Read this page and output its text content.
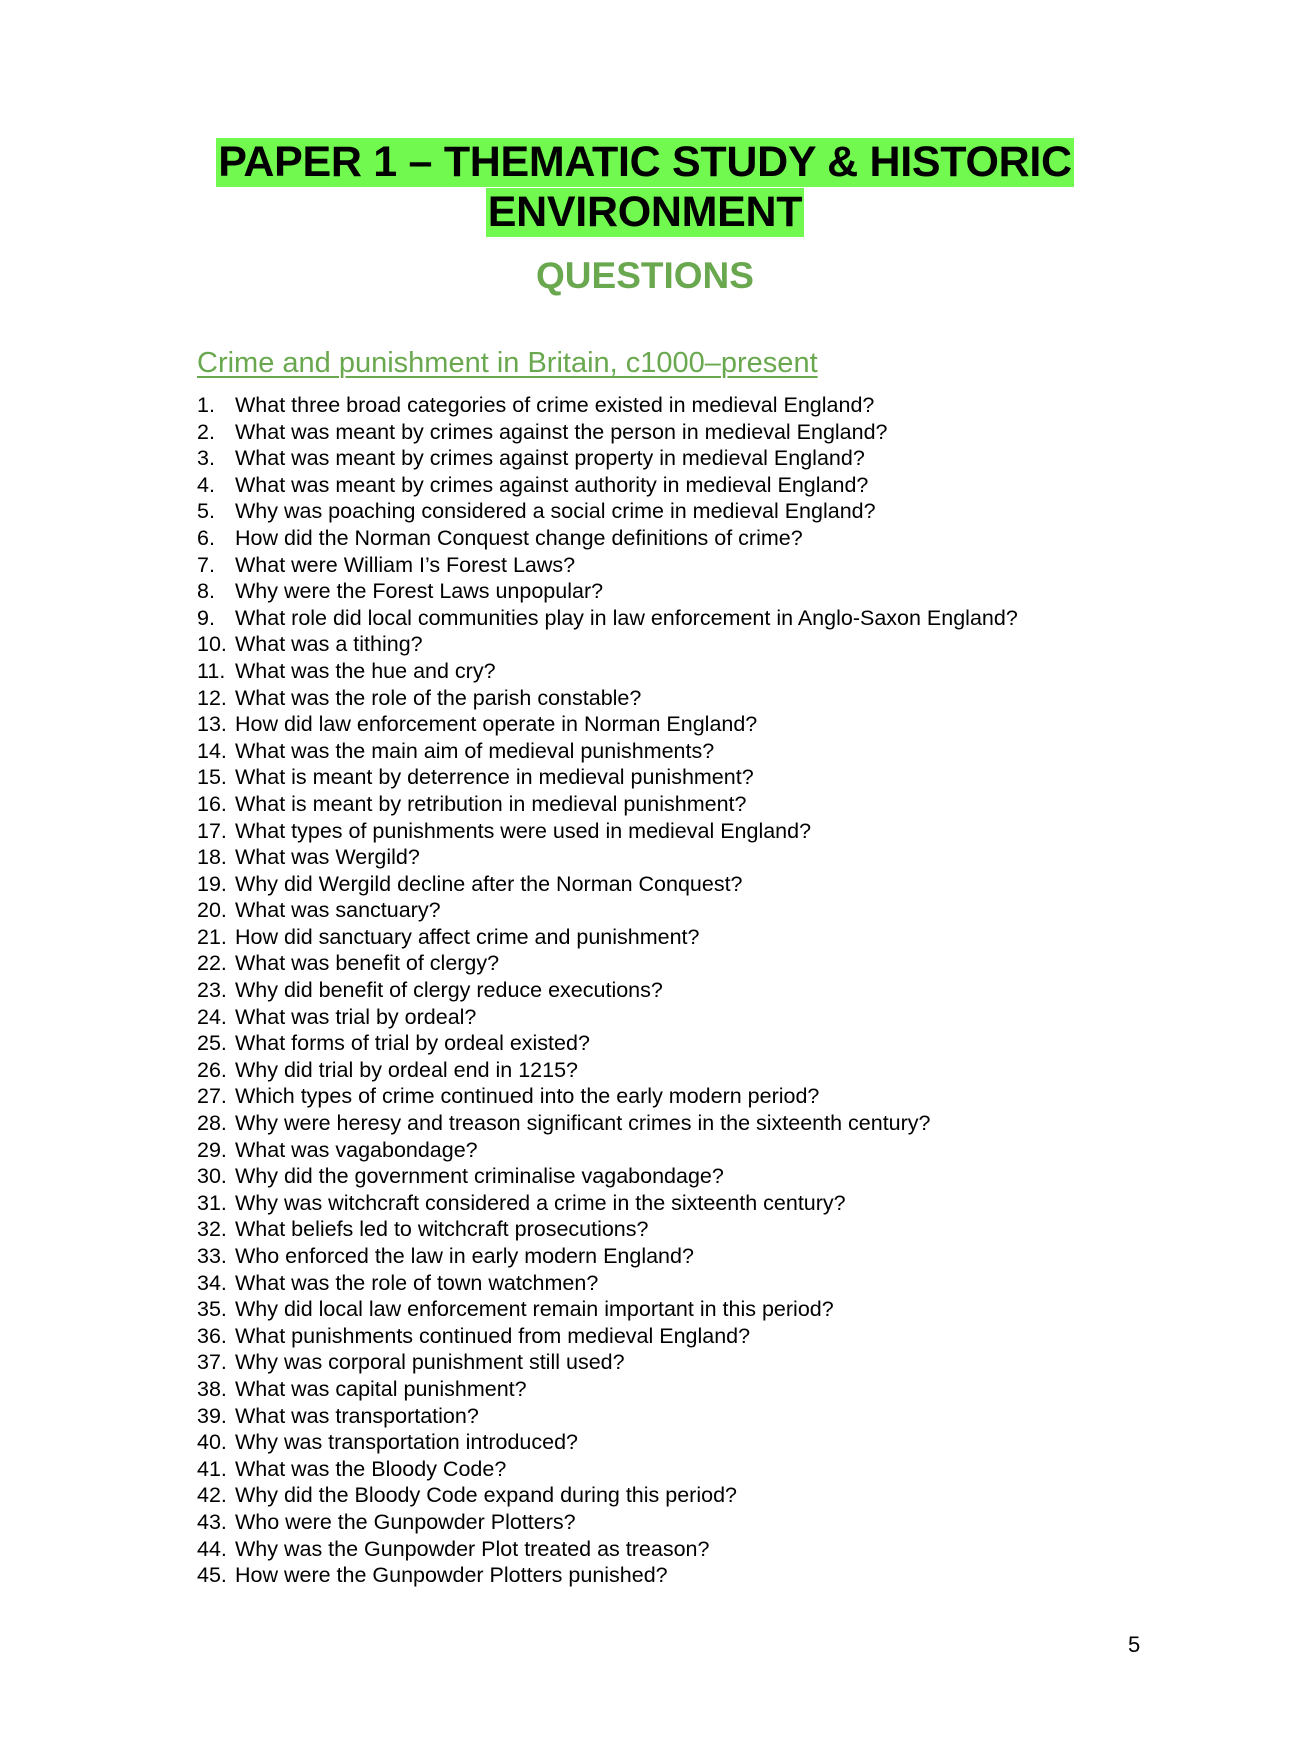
PAPER 1 – THEMATIC STUDY & HISTORIC
ENVIRONMENT
QUESTIONS
Crime and punishment in Britain, c1000–present
1. What three broad categories of crime existed in medieval England?
2. What was meant by crimes against the person in medieval England?
3. What was meant by crimes against property in medieval England?
4. What was meant by crimes against authority in medieval England?
5. Why was poaching considered a social crime in medieval England?
6. How did the Norman Conquest change definitions of crime?
7. What were William I’s Forest Laws?
8. Why were the Forest Laws unpopular?
9. What role did local communities play in law enforcement in Anglo-Saxon England?
10. What was a tithing?
11. What was the hue and cry?
12. What was the role of the parish constable?
13. How did law enforcement operate in Norman England?
14. What was the main aim of medieval punishments?
15. What is meant by deterrence in medieval punishment?
16. What is meant by retribution in medieval punishment?
17. What types of punishments were used in medieval England?
18. What was Wergild?
19. Why did Wergild decline after the Norman Conquest?
20. What was sanctuary?
21. How did sanctuary affect crime and punishment?
22. What was benefit of clergy?
23. Why did benefit of clergy reduce executions?
24. What was trial by ordeal?
25. What forms of trial by ordeal existed?
26. Why did trial by ordeal end in 1215?
27. Which types of crime continued into the early modern period?
28. Why were heresy and treason significant crimes in the sixteenth century?
29. What was vagabondage?
30. Why did the government criminalise vagabondage?
31. Why was witchcraft considered a crime in the sixteenth century?
32. What beliefs led to witchcraft prosecutions?
33. Who enforced the law in early modern England?
34. What was the role of town watchmen?
35. Why did local law enforcement remain important in this period?
36. What punishments continued from medieval England?
37. Why was corporal punishment still used?
38. What was capital punishment?
39. What was transportation?
40. Why was transportation introduced?
41. What was the Bloody Code?
42. Why did the Bloody Code expand during this period?
43. Who were the Gunpowder Plotters?
44. Why was the Gunpowder Plot treated as treason?
45. How were the Gunpowder Plotters punished?
5
